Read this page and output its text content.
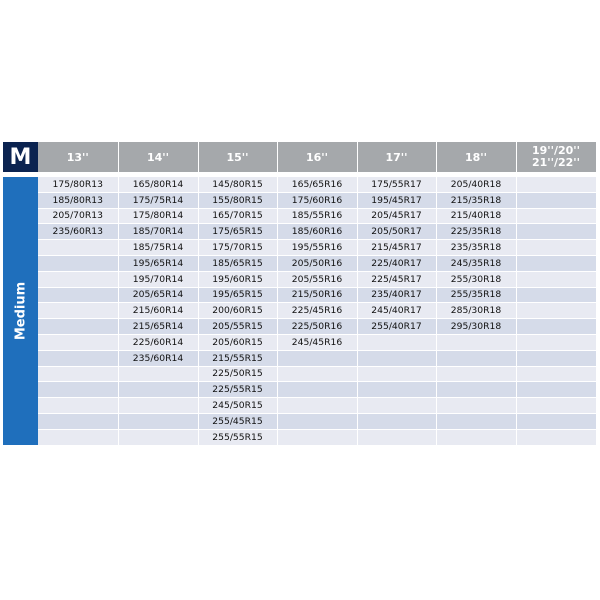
M	13''	14''	15''	16''	17''	18''	19''/20''
21''/22''

Medium	175/80R13	165/80R14	145/80R15	165/65R16	175/55R17	205/40R18	
	185/80R13	175/75R14	155/80R15	175/60R16	195/45R17	215/35R18	
	205/70R13	175/80R14	165/70R15	185/55R16	205/45R17	215/40R18	
	235/60R13	185/70R14	175/65R15	185/60R16	205/50R17	225/35R18	
		185/75R14	175/70R15	195/55R16	215/45R17	235/35R18	
		195/65R14	185/65R15	205/50R16	225/40R17	245/35R18	
		195/70R14	195/60R15	205/55R16	225/45R17	255/30R18	
		205/65R14	195/65R15	215/50R16	235/40R17	255/35R18	
		215/60R14	200/60R15	225/45R16	245/40R17	285/30R18	
		215/65R14	205/55R15	225/50R16	255/40R17	295/30R18	
		225/60R14	205/60R15	245/45R16			
		235/60R14	215/55R15				
			225/50R15				
			225/55R15				
			245/50R15				
			255/45R15				
			255/55R15				
